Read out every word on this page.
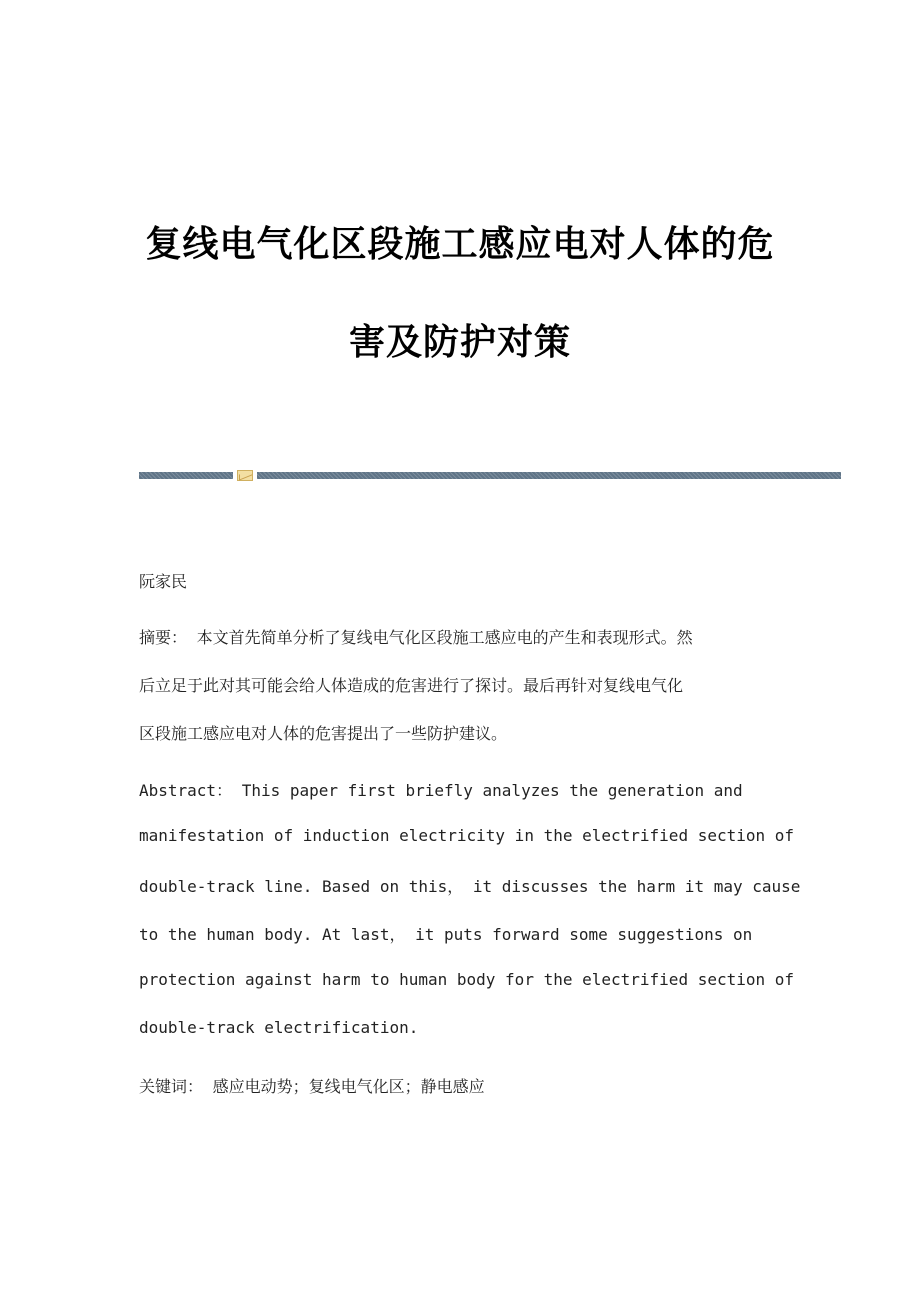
复线电气化区段施工感应电对人体的危
害及防护对策
阮家民
摘要： 本文首先简单分析了复线电气化区段施工感应电的产生和表现形式。然
后立足于此对其可能会给人体造成的危害进行了探讨。最后再针对复线电气化
区段施工感应电对人体的危害提出了一些防护建议。
Abstract： This paper first briefly analyzes the generation and
manifestation of induction electricity in the electrified section of
double-track line. Based on this， it discusses the harm it may cause
to the human body. At last， it puts forward some suggestions on
protection against harm to human body for the electrified section of
double-track electrification.
关键词： 感应电动势；复线电气化区；静电感应
